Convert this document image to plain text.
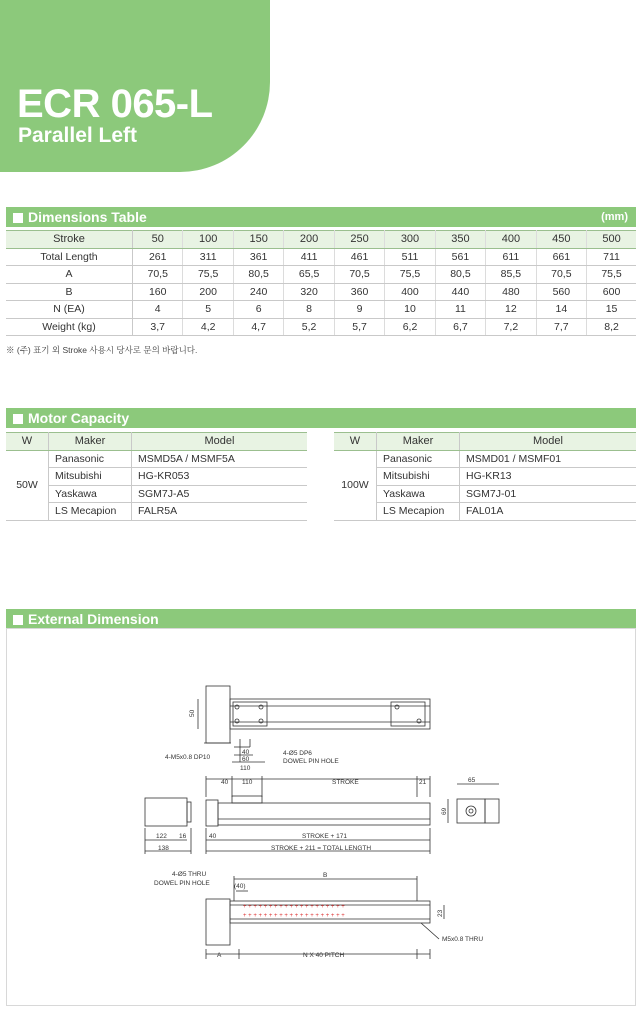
ECR 065-L
Parallel Left
Dimensions Table	(mm)
Stroke	50	100	150	200	250	300	350	400	450	500
Total Length	261	311	361	411	461	511	561	611	661	711
A	70,5	75,5	80,5	65,5	70,5	75,5	80,5	85,5	70,5	75,5
B	160	200	240	320	360	400	440	480	560	600
N (EA)	4	5	6	8	9	10	11	12	14	15
Weight (kg)	3,7	4,2	4,7	5,2	5,7	6,2	6,7	7,2	7,7	8,2
※ (주) 표기 외 Stroke 사용시 당사로 문의 바랍니다.
Motor Capacity
W	Maker	Model
50W	Panasonic	MSMD5A / MSMF5A
	Mitsubishi	HG-KR053
	Yaskawa	SGM7J-A5
	LS Mecapion	FALR5A
W	Maker	Model
100W	Panasonic	MSMD01 / MSMF01
	Mitsubishi	HG-KR13
	Yaskawa	SGM7J-01
	LS Mecapion	FAL01A
External Dimension
+ + + + + + + + + + + + + + + + + + + +
+ + + + + + + + + + + + + + + + + + + +
50
40
60
110
4-M5x0.8 DP10
4-Ø5 DP6
DOWEL PIN HOLE
40 110	STROKE	21	65
69
122 16	40	STROKE + 171
138	STROKE + 211 = TOTAL LENGTH
4-Ø5 THRU
DOWEL PIN HOLE	(40)
B
23
M5x0.8 THRU
A	N X 40 PITCH
